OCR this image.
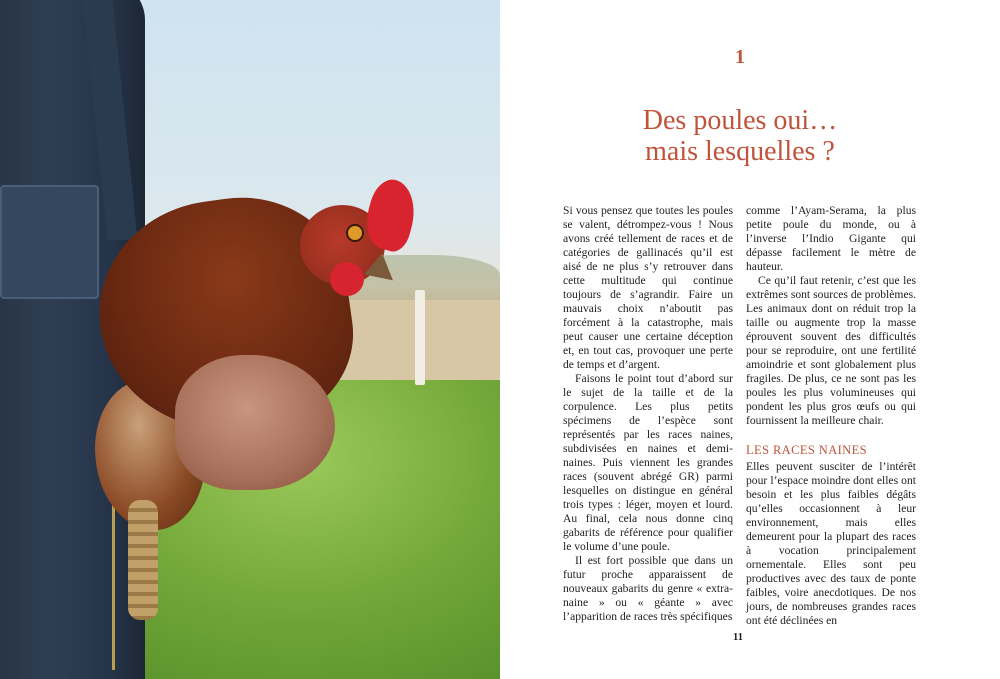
1
Des poules oui…
mais lesquelles ?

Si vous pensez que toutes les poules se valent, détrompez-vous ! Nous avons créé tellement de races et de catégories de gallinacés qu’il est aisé de ne plus s’y retrouver dans cette multitude qui continue toujours de s’agrandir. Faire un mauvais choix n’aboutit pas forcément à la catastrophe, mais peut causer une certaine déception et, en tout cas, provoquer une perte de temps et d’argent.

Faisons le point tout d’abord sur le sujet de la taille et de la corpulence. Les plus petits spécimens de l’espèce sont représentés par les races naines, subdivisées en naines et demi-naines. Puis viennent les grandes races (souvent abrégé GR) parmi lesquelles on distingue en général trois types : léger, moyen et lourd. Au final, cela nous donne cinq gabarits de référence pour qualifier le volume d’une poule.

Il est fort possible que dans un futur proche apparaissent de nouveaux gabarits du genre « extra-naine » ou « géante » avec l’apparition de races très spécifiques

comme l’Ayam-Serama, la plus petite poule du monde, ou à l’inverse l’Indio Gigante qui dépasse facilement le mètre de hauteur.

Ce qu’il faut retenir, c’est que les extrêmes sont sources de problèmes. Les animaux dont on réduit trop la taille ou augmente trop la masse éprouvent souvent des difficultés pour se reproduire, ont une fertilité amoindrie et sont globalement plus fragiles. De plus, ce ne sont pas les poules les plus volumineuses qui pondent les plus gros œufs ou qui fournissent la meilleure chair.

LES RACES NAINES

Elles peuvent susciter de l’intérêt pour l’espace moindre dont elles ont besoin et les plus faibles dégâts qu’elles occasionnent à leur environnement, mais elles demeurent pour la plupart des races à vocation principalement ornementale. Elles sont peu productives avec des taux de ponte faibles, voire anecdotiques. De nos jours, de nombreuses grandes races ont été déclinées en

11
